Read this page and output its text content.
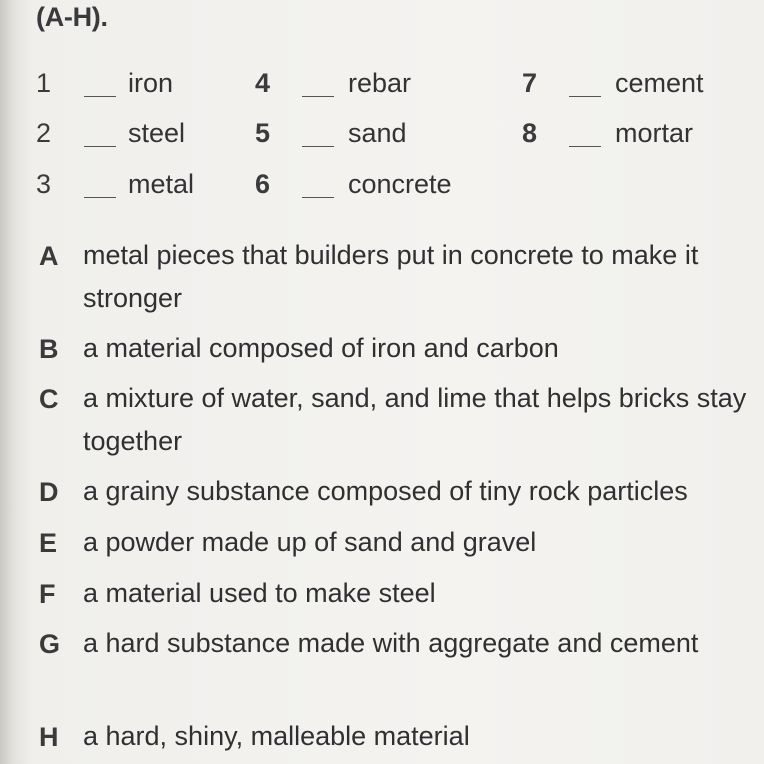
(A-H).
1	iron	4	rebar	7	cement
2	steel	5	sand	8	mortar
3	metal 6	concrete
A metal pieces that builders put in concrete to make it stronger
B a material composed of iron and carbon
C a mixture of water, sand, and lime that helps bricks stay together
D a grainy substance composed of tiny rock particles
E a powder made up of sand and gravel
F a material used to make steel
G a hard substance made with aggregate and cement
H a hard, shiny, malleable material
